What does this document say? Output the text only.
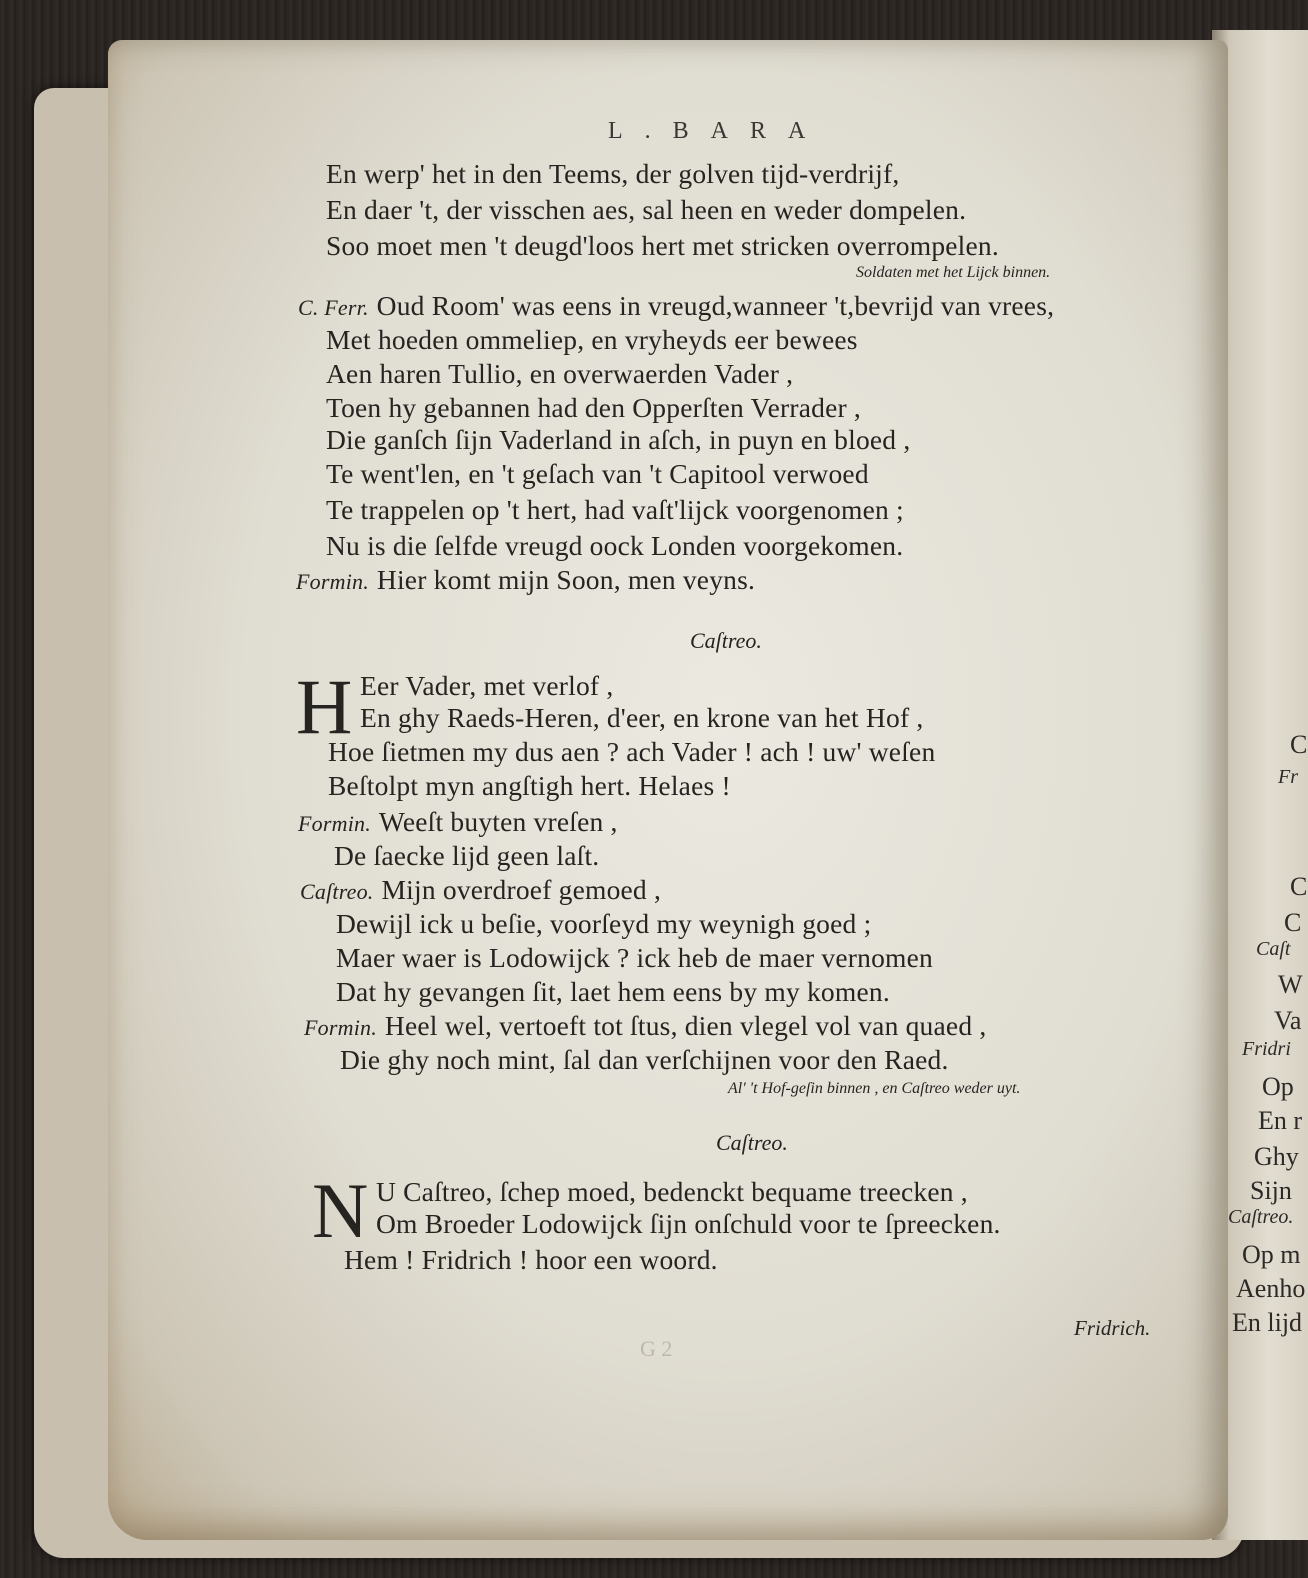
C
Fr
C
C
Caſt
W
Va
Fridri
Op
En r
Ghy
Sijn
Caſtreo.
Op m
Aenho
En lijd
L.BARA
En werp' het in den Teems, der golven tijd-verdrijf,
En daer 't, der visschen aes, sal heen en weder dompelen.
Soo moet men 't deugd'loos hert met stricken overrompelen.
Soldaten met het Lijck binnen.
C. Ferr. Oud Room' was eens in vreugd,wanneer 't,bevrijd van vrees,
Met hoeden ommeliep, en vryheyds eer bewees
Aen haren Tullio, en overwaerden Vader ,
Toen hy gebannen had den Opperſten Verrader ,
Die ganſch ſijn Vaderland in aſch, in puyn en bloed ,
Te went'len, en 't geſach van 't Capitool verwoed
Te trappelen op 't hert, had vaſt'lijck voorgenomen ;
Nu is die ſelfde vreugd oock Londen voorgekomen.
Formin. Hier komt mijn Soon, men veyns.
Caſtreo.
H Eer Vader, met verlof ,
En ghy Raeds-Heren, d'eer, en krone van het Hof ,
Hoe ſietmen my dus aen ? ach Vader ! ach ! uw' weſen
Beſtolpt myn angſtigh hert. Helaes !
Formin. Weeſt buyten vreſen ,
De ſaecke lijd geen laſt.
Caſtreo. Mijn overdroef gemoed ,
Dewijl ick u beſie, voorſeyd my weynigh goed ;
Maer waer is Lodowijck ? ick heb de maer vernomen
Dat hy gevangen ſit, laet hem eens by my komen.
Formin. Heel wel, vertoeft tot ſtus, dien vlegel vol van quaed ,
Die ghy noch mint, ſal dan verſchijnen voor den Raed.
Al' 't Hof-geſin binnen , en Caſtreo weder uyt.
Caſtreo.
N U Caſtreo, ſchep moed, bedenckt bequame treecken ,
Om Broeder Lodowijck ſijn onſchuld voor te ſpreecken.
Hem ! Fridrich ! hoor een woord.
Fridrich.
G 2
